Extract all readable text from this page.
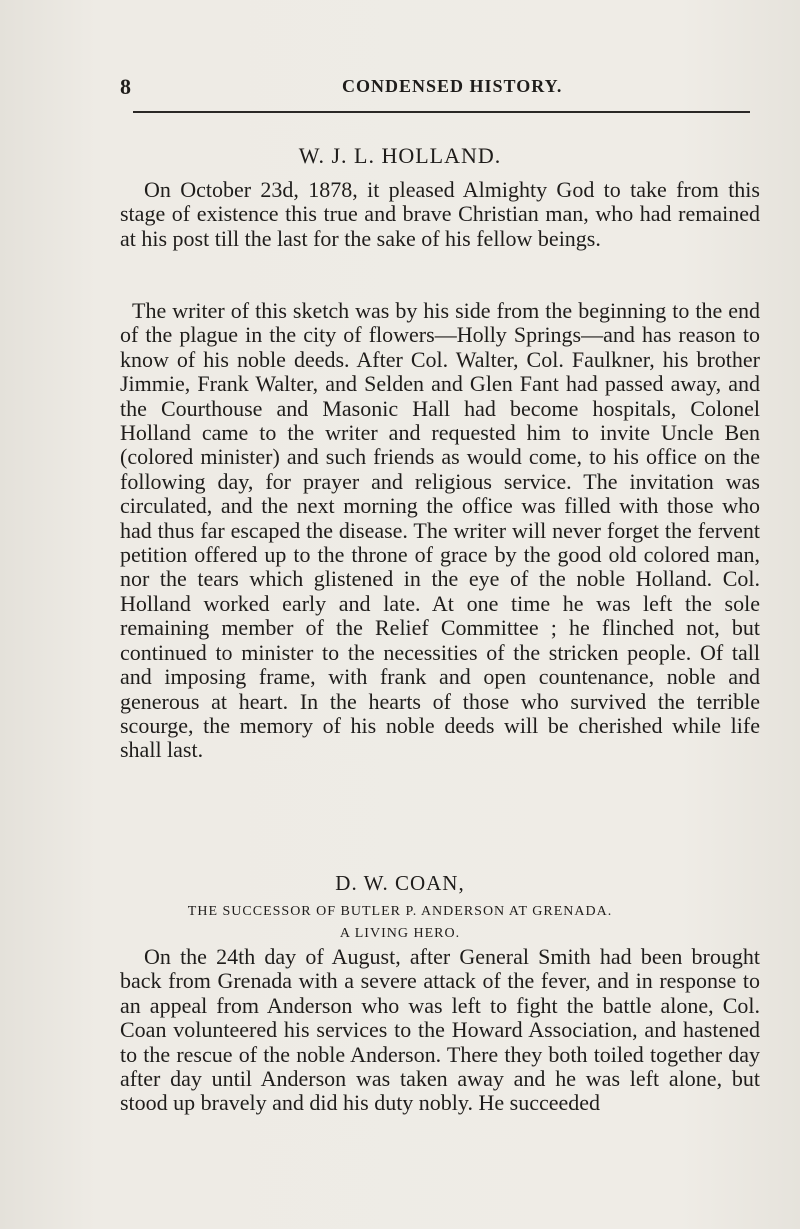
8	CONDENSED HISTORY.
W. J. L. HOLLAND.

On October 23d, 1878, it pleased Almighty God to take from this stage of existence this true and brave Christian man, who had remained at his post till the last for the sake of his fellow beings.

The writer of this sketch was by his side from the beginning to the end of the plague in the city of flowers—Holly Springs—and has reason to know of his noble deeds. After Col. Walter, Col. Faulkner, his brother Jimmie, Frank Walter, and Selden and Glen Fant had passed away, and the Courthouse and Masonic Hall had become hospitals, Colonel Holland came to the writer and requested him to invite Uncle Ben (colored minister) and such friends as would come, to his office on the following day, for prayer and religious service. The invitation was circulated, and the next morning the office was filled with those who had thus far escaped the disease. The writer will never forget the fervent petition offered up to the throne of grace by the good old colored man, nor the tears which glistened in the eye of the noble Holland. Col. Holland worked early and late. At one time he was left the sole remaining member of the Relief Committee ; he flinched not, but continued to minister to the necessities of the stricken people. Of tall and imposing frame, with frank and open countenance, noble and generous at heart. In the hearts of those who survived the terrible scourge, the memory of his noble deeds will be cherished while life shall last.

D. W. COAN,
THE SUCCESSOR OF BUTLER P. ANDERSON AT GRENADA.
A LIVING HERO.

On the 24th day of August, after General Smith had been brought back from Grenada with a severe attack of the fever, and in response to an appeal from Anderson who was left to fight the battle alone, Col. Coan volunteered his services to the Howard Association, and hastened to the rescue of the noble Anderson. There they both toiled together day after day until Anderson was taken away and he was left alone, but stood up bravely and did his duty nobly. He succeeded
